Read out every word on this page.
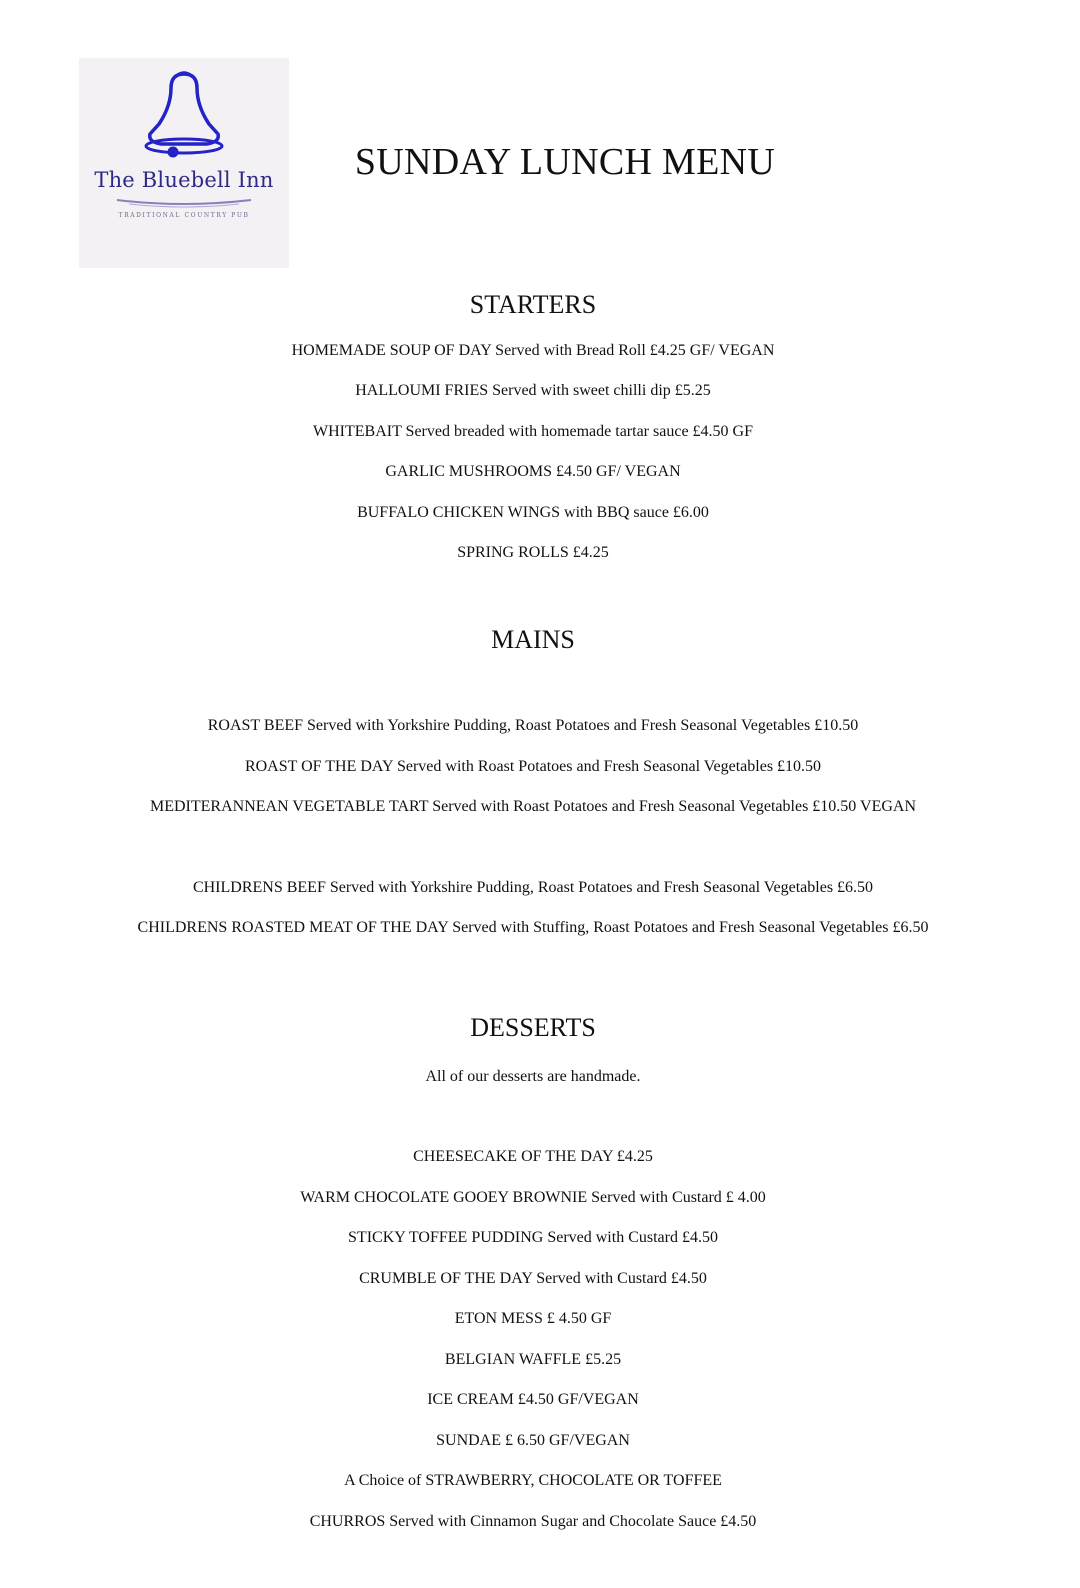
The Bluebell Inn
TRADITIONAL COUNTRY PUB
SUNDAY LUNCH MENU
STARTERS
HOMEMADE SOUP OF DAY Served with Bread Roll £4.25 GF/ VEGAN
HALLOUMI FRIES Served with sweet chilli dip £5.25
WHITEBAIT Served breaded with homemade tartar sauce £4.50 GF
GARLIC MUSHROOMS £4.50 GF/ VEGAN
BUFFALO CHICKEN WINGS with BBQ sauce £6.00
SPRING ROLLS £4.25
MAINS
ROAST BEEF Served with Yorkshire Pudding, Roast Potatoes and Fresh Seasonal Vegetables £10.50
ROAST OF THE DAY Served with Roast Potatoes and Fresh Seasonal Vegetables £10.50
MEDITERANNEAN VEGETABLE TART Served with Roast Potatoes and Fresh Seasonal Vegetables £10.50 VEGAN
CHILDRENS BEEF Served with Yorkshire Pudding, Roast Potatoes and Fresh Seasonal Vegetables £6.50
CHILDRENS ROASTED MEAT OF THE DAY Served with Stuffing, Roast Potatoes and Fresh Seasonal Vegetables £6.50
DESSERTS
All of our desserts are handmade.
CHEESECAKE OF THE DAY £4.25
WARM CHOCOLATE GOOEY BROWNIE Served with Custard £ 4.00
STICKY TOFFEE PUDDING Served with Custard £4.50
CRUMBLE OF THE DAY Served with Custard £4.50
ETON MESS £ 4.50 GF
BELGIAN WAFFLE £5.25
ICE CREAM £4.50 GF/VEGAN
SUNDAE £ 6.50 GF/VEGAN
A Choice of STRAWBERRY, CHOCOLATE OR TOFFEE
CHURROS Served with Cinnamon Sugar and Chocolate Sauce £4.50
